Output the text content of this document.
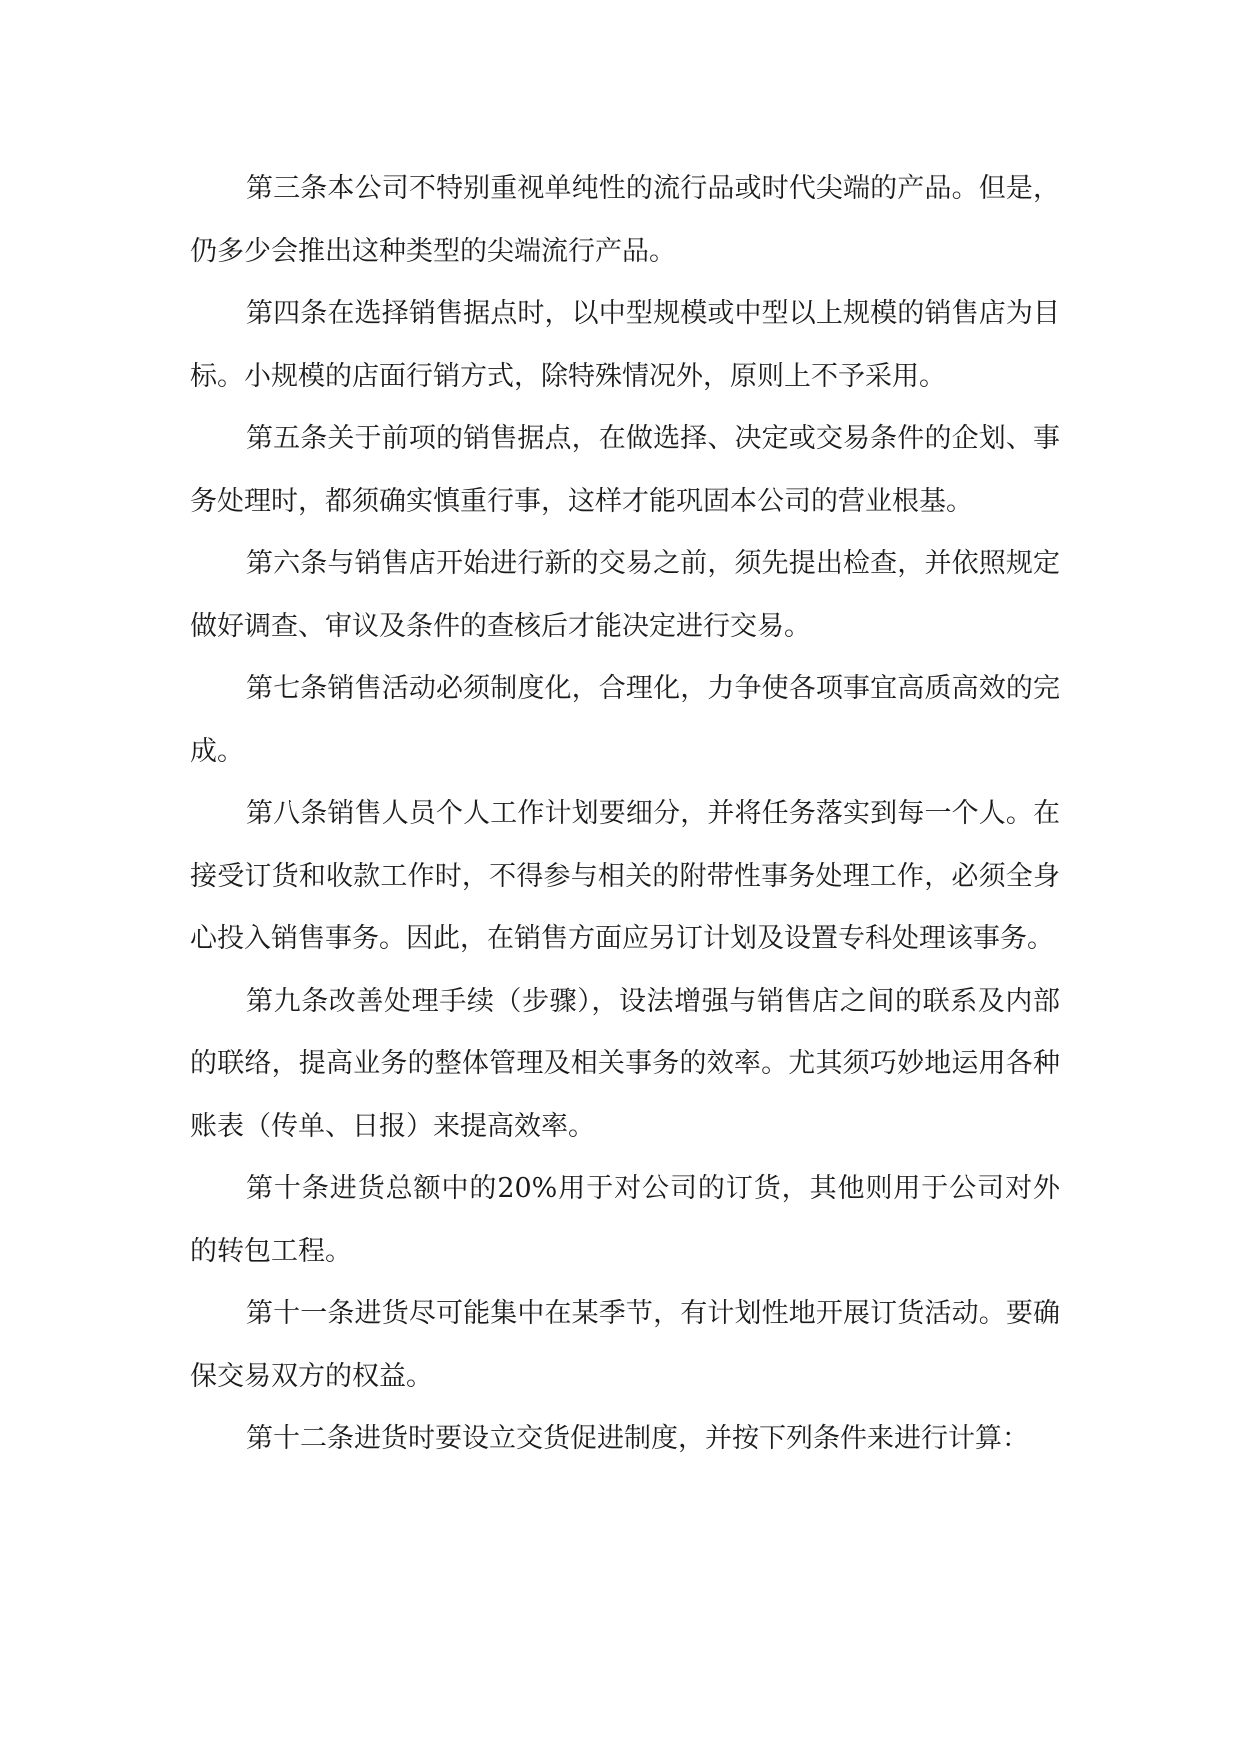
第三条本公司不特别重视单纯性的流行品或时代尖端的产品。但是，仍多少会推出这种类型的尖端流行产品。

第四条在选择销售据点时，以中型规模或中型以上规模的销售店为目标。小规模的店面行销方式，除特殊情况外，原则上不予采用。

第五条关于前项的销售据点，在做选择、决定或交易条件的企划、事务处理时，都须确实慎重行事，这样才能巩固本公司的营业根基。

第六条与销售店开始进行新的交易之前，须先提出检查，并依照规定做好调查、审议及条件的查核后才能决定进行交易。

第七条销售活动必须制度化，合理化，力争使各项事宜高质高效的完成。

第八条销售人员个人工作计划要细分，并将任务落实到每一个人。在接受订货和收款工作时，不得参与相关的附带性事务处理工作，必须全身心投入销售事务。因此，在销售方面应另订计划及设置专科处理该事务。

第九条改善处理手续（步骤），设法增强与销售店之间的联系及内部的联络，提高业务的整体管理及相关事务的效率。尤其须巧妙地运用各种账表（传单、日报）来提高效率。

第十条进货总额中的20%用于对公司的订货，其他则用于公司对外的转包工程。

第十一条进货尽可能集中在某季节，有计划性地开展订货活动。要确保交易双方的权益。

第十二条进货时要设立交货促进制度，并按下列条件来进行计算：
